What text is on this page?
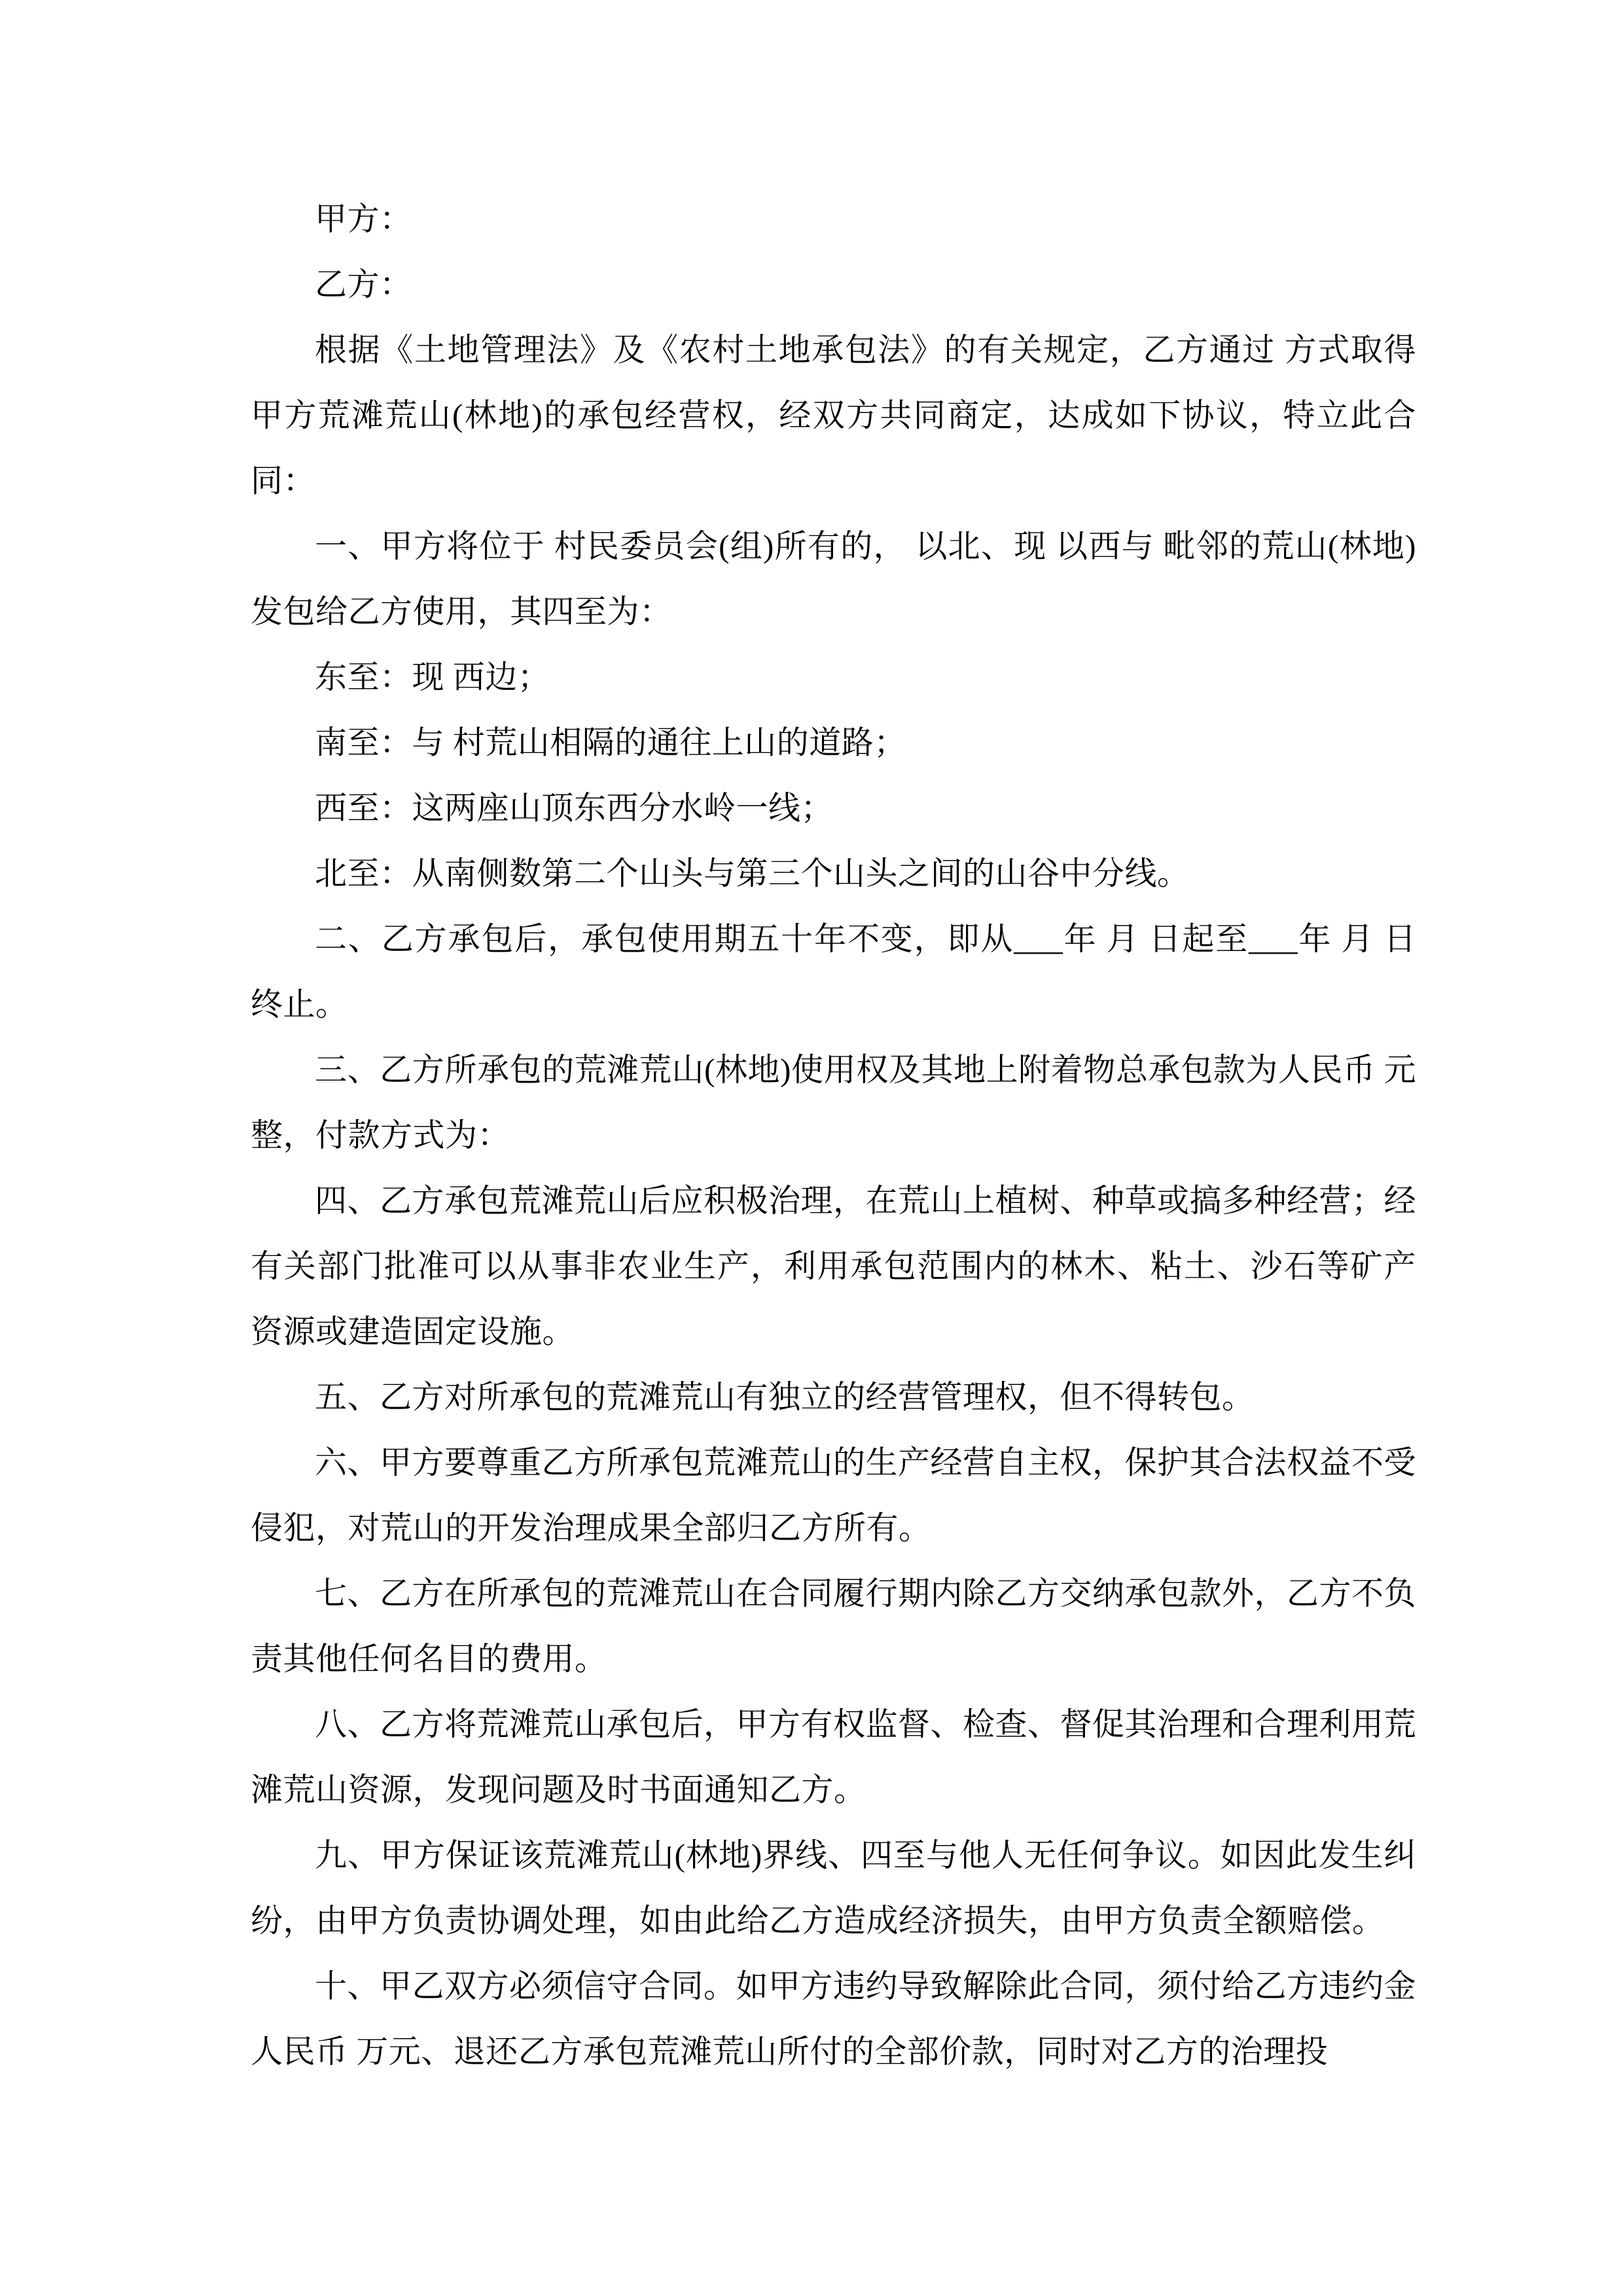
甲方：

乙方：

根据《土地管理法》及《农村土地承包法》的有关规定，乙方通过 方式取得甲方荒滩荒山(林地)的承包经营权，经双方共同商定，达成如下协议，特立此合同：

一、甲方将位于 村民委员会(组)所有的， 以北、现 以西与 毗邻的荒山(林地)发包给乙方使用，其四至为：

东至：现 西边；

南至：与 村荒山相隔的通往上山的道路；

西至：这两座山顶东西分水岭一线；

北至：从南侧数第二个山头与第三个山头之间的山谷中分线。

二、乙方承包后，承包使用期五十年不变，即从___年 月 日起至___年 月 日终止。

三、乙方所承包的荒滩荒山(林地)使用权及其地上附着物总承包款为人民币 元整，付款方式为：

四、乙方承包荒滩荒山后应积极治理，在荒山上植树、种草或搞多种经营；经有关部门批准可以从事非农业生产，利用承包范围内的林木、粘土、沙石等矿产资源或建造固定设施。

五、乙方对所承包的荒滩荒山有独立的经营管理权，但不得转包。

六、甲方要尊重乙方所承包荒滩荒山的生产经营自主权，保护其合法权益不受侵犯，对荒山的开发治理成果全部归乙方所有。

七、乙方在所承包的荒滩荒山在合同履行期内除乙方交纳承包款外，乙方不负责其他任何名目的费用。

八、乙方将荒滩荒山承包后，甲方有权监督、检查、督促其治理和合理利用荒滩荒山资源，发现问题及时书面通知乙方。

九、甲方保证该荒滩荒山(林地)界线、四至与他人无任何争议。如因此发生纠纷，由甲方负责协调处理，如由此给乙方造成经济损失，由甲方负责全额赔偿。

十、甲乙双方必须信守合同。如甲方违约导致解除此合同，须付给乙方违约金人民币 万元、退还乙方承包荒滩荒山所付的全部价款，同时对乙方的治理投
